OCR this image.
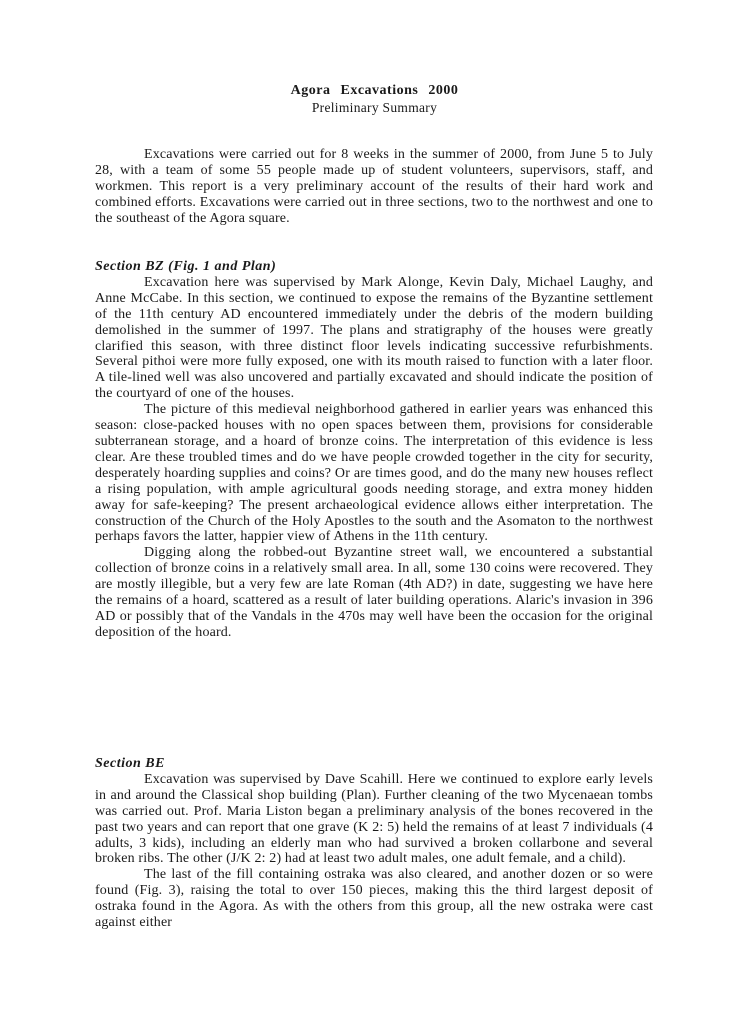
Agora Excavations 2000
Preliminary Summary

Excavations were carried out for 8 weeks in the summer of 2000, from June 5 to July 28, with a team of some 55 people made up of student volunteers, supervisors, staff, and workmen. This report is a very preliminary account of the results of their hard work and combined efforts. Excavations were carried out in three sections, two to the northwest and one to the southeast of the Agora square.

Section BZ (Fig. 1 and Plan)

Excavation here was supervised by Mark Alonge, Kevin Daly, Michael Laughy, and Anne McCabe. In this section, we continued to expose the remains of the Byzantine settlement of the 11th century AD encountered immediately under the debris of the modern building demolished in the summer of 1997. The plans and stratigraphy of the houses were greatly clarified this season, with three distinct floor levels indicating successive refurbishments. Several pithoi were more fully exposed, one with its mouth raised to function with a later floor. A tile-lined well was also uncovered and partially excavated and should indicate the position of the courtyard of one of the houses.

The picture of this medieval neighborhood gathered in earlier years was enhanced this season: close-packed houses with no open spaces between them, provisions for considerable subterranean storage, and a hoard of bronze coins. The interpretation of this evidence is less clear. Are these troubled times and do we have people crowded together in the city for security, desperately hoarding supplies and coins? Or are times good, and do the many new houses reflect a rising population, with ample agricultural goods needing storage, and extra money hidden away for safe-keeping? The present archaeological evidence allows either interpretation. The construction of the Church of the Holy Apostles to the south and the Asomaton to the northwest perhaps favors the latter, happier view of Athens in the 11th century.

Digging along the robbed-out Byzantine street wall, we encountered a substantial collection of bronze coins in a relatively small area. In all, some 130 coins were recovered. They are mostly illegible, but a very few are late Roman (4th AD?) in date, suggesting we have here the remains of a hoard, scattered as a result of later building operations. Alaric's invasion in 396 AD or possibly that of the Vandals in the 470s may well have been the occasion for the original deposition of the hoard.

Section BE

Excavation was supervised by Dave Scahill. Here we continued to explore early levels in and around the Classical shop building (Plan). Further cleaning of the two Mycenaean tombs was carried out. Prof. Maria Liston began a preliminary analysis of the bones recovered in the past two years and can report that one grave (K 2: 5) held the remains of at least 7 individuals (4 adults, 3 kids), including an elderly man who had survived a broken collarbone and several broken ribs. The other (J/K 2: 2) had at least two adult males, one adult female, and a child).

The last of the fill containing ostraka was also cleared, and another dozen or so were found (Fig. 3), raising the total to over 150 pieces, making this the third largest deposit of ostraka found in the Agora. As with the others from this group, all the new ostraka were cast against either
